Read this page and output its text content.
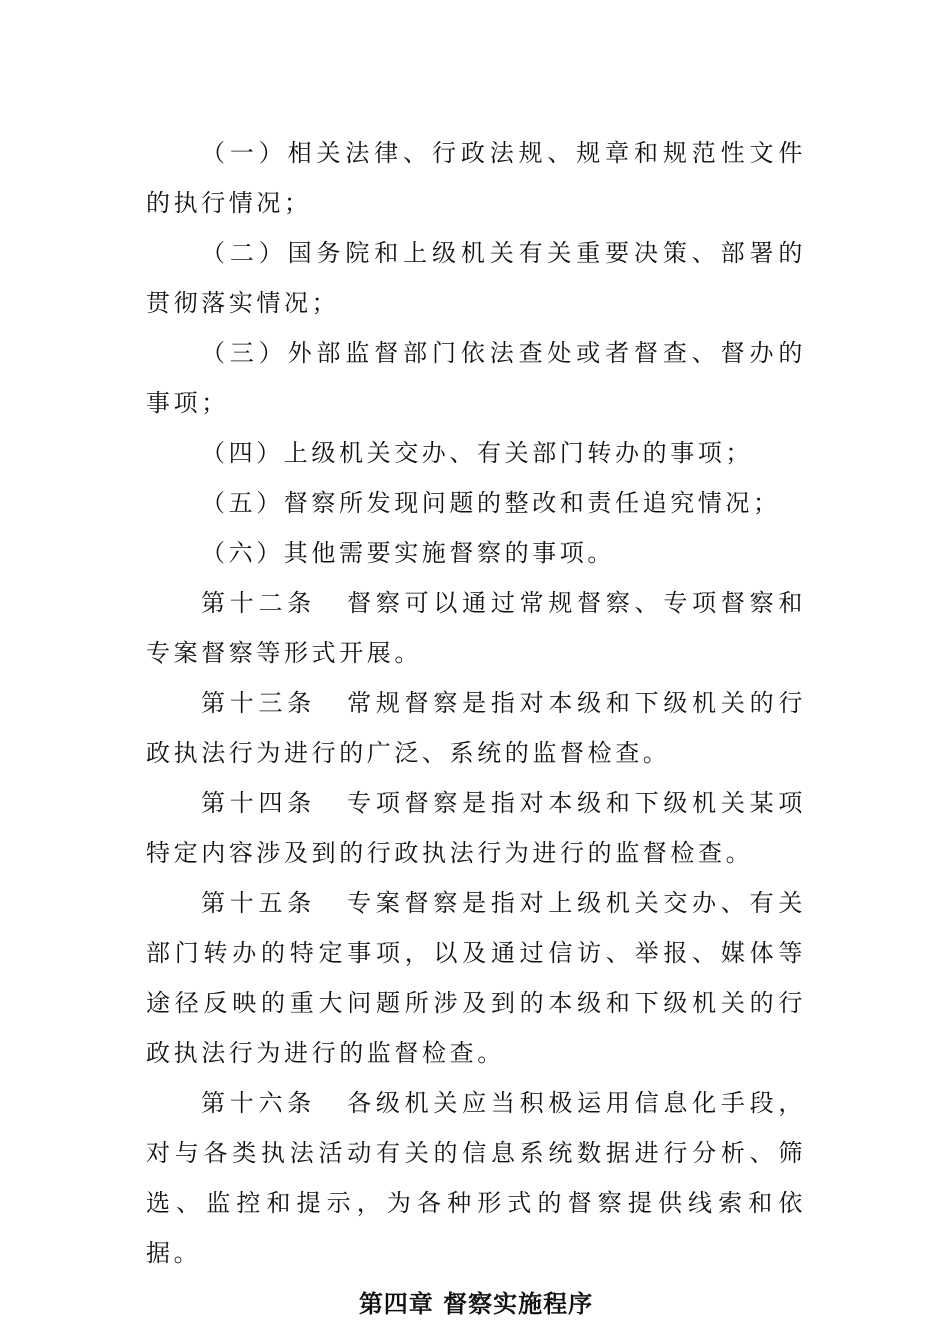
（一）相关法律、行政法规、规章和规范性文件的执行情况；

（二）国务院和上级机关有关重要决策、部署的贯彻落实情况；

（三）外部监督部门依法查处或者督查、督办的事项；

（四）上级机关交办、有关部门转办的事项；

（五）督察所发现问题的整改和责任追究情况；

（六）其他需要实施督察的事项。

第十二条 督察可以通过常规督察、专项督察和专案督察等形式开展。

第十三条 常规督察是指对本级和下级机关的行政执法行为进行的广泛、系统的监督检查。

第十四条 专项督察是指对本级和下级机关某项特定内容涉及到的行政执法行为进行的监督检查。

第十五条 专案督察是指对上级机关交办、有关部门转办的特定事项，以及通过信访、举报、媒体等途径反映的重大问题所涉及到的本级和下级机关的行政执法行为进行的监督检查。

第十六条 各级机关应当积极运用信息化手段，对与各类执法活动有关的信息系统数据进行分析、筛选、监控和提示，为各种形式的督察提供线索和依据。

第四章 督察实施程序
